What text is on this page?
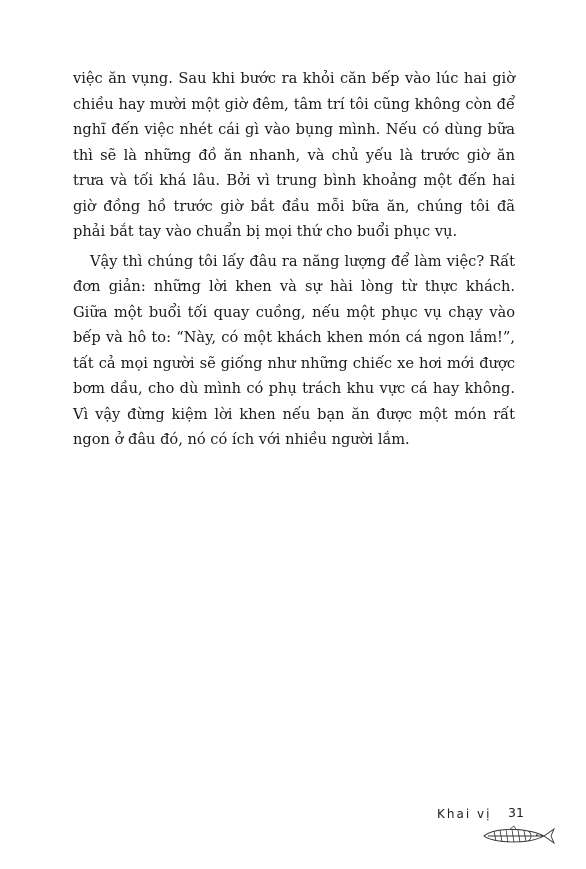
việc ăn vụng. Sau khi bước ra khỏi căn bếp vào lúc hai giờ chiều hay mười một giờ đêm, tâm trí tôi cũng không còn để nghĩ đến việc nhét cái gì vào bụng mình. Nếu có dùng bữa thì sẽ là những đồ ăn nhanh, và chủ yếu là trước giờ ăn trưa và tối khá lâu. Bởi vì trung bình khoảng một đến hai giờ đồng hồ trước giờ bắt đầu mỗi bữa ăn, chúng tôi đã phải bắt tay vào chuẩn bị mọi thứ cho buổi phục vụ.

Vậy thì chúng tôi lấy đâu ra năng lượng để làm việc? Rất đơn giản: những lời khen và sự hài lòng từ thực khách. Giữa một buổi tối quay cuồng, nếu một phục vụ chạy vào bếp và hô to: “Này, có một khách khen món cá ngon lắm!”, tất cả mọi người sẽ giống như những chiếc xe hơi mới được bơm dầu, cho dù mình có phụ trách khu vực cá hay không. Vì vậy đừng kiệm lời khen nếu bạn ăn được một món rất ngon ở đâu đó, nó có ích với nhiều người lắm.

Khai vị 31
